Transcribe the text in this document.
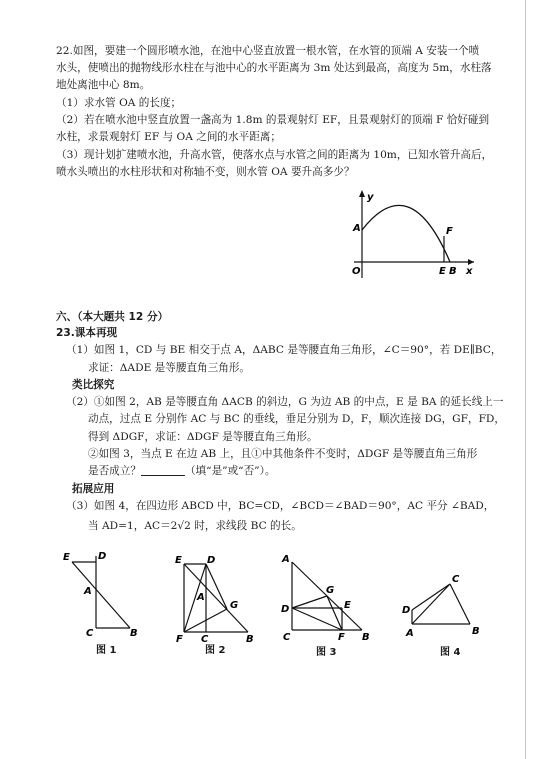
22.如图，要建一个圆形喷水池，在池中心竖直放置一根水管，在水管的顶端 A 安装一个喷
水头，使喷出的抛物线形水柱在与池中心的水平距离为 3m 处达到最高，高度为 5m，水柱落
地处离池中心 8m。
（1）求水管 OA 的长度；
（2）若在喷水池中竖直放置一盏高为 1.8m 的景观射灯 EF，且景观射灯的顶端 F 恰好碰到
水柱，求景观射灯 EF 与 OA 之间的水平距离；
（3）现计划扩建喷水池，升高水管，使落水点与水管之间的距离为 10m，已知水管升高后，
喷水头喷出的水柱形状和对称轴不变，则水管 OA 要升高多少？
y
A	F
O	E B x
六、（本大题共 12 分）
23.课本再现
（1）如图 1，CD 与 BE 相交于点 A，ΔABC 是等腰直角三角形，∠C＝90°，若 DE∥BC，
求证：ΔADE 是等腰直角三角形。
类比探究
（2）①如图 2，AB 是等腰直角 ΔACB 的斜边，G 为边 AB 的中点，E 是 BA 的延长线上一
动点，过点 E 分别作 AC 与 BC 的垂线，垂足分别为 D，F，顺次连接 DG，GF，FD，
得到 ΔDGF，求证：ΔDGF 是等腰直角三角形。
②如图 3，当点 E 在边 AB 上，且①中其他条件不变时，ΔDGF 是等腰直角三角形
是否成立？	（填“是”或“否”）。
拓展应用
（3）如图 4，在四边形 ABCD 中，BC=CD，∠BCD＝∠BAD＝90°，AC 平分 ∠BAD，
当 AD=1，AC＝2√2 时，求线段 BC 的长。
E	D
A
C	B
图 1
E	D
A
G
F C	B
图 2
A
G
D	E
C	F B
图 3
C
D
A	B
图 4
